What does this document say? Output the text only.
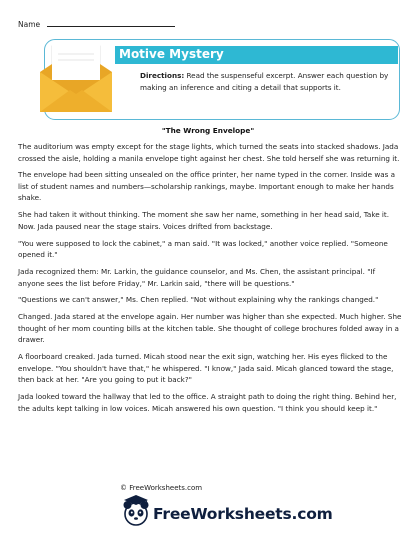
Name
Motive Mystery
Directions: Read the suspenseful excerpt. Answer each question by making an inference and citing a detail that supports it.
"The Wrong Envelope"

The auditorium was empty except for the stage lights, which turned the seats into stacked shadows. Jada crossed the aisle, holding a manila envelope tight against her chest. She told herself she was returning it.

The envelope had been sitting unsealed on the office printer, her name typed in the corner. Inside was a list of student names and numbers—scholarship rankings, maybe. Important enough to make her hands shake.

She had taken it without thinking. The moment she saw her name, something in her head said, Take it. Now. Jada paused near the stage stairs. Voices drifted from backstage.

"You were supposed to lock the cabinet," a man said. "It was locked," another voice replied. "Someone opened it."

Jada recognized them: Mr. Larkin, the guidance counselor, and Ms. Chen, the assistant principal. "If anyone sees the list before Friday," Mr. Larkin said, "there will be questions."

"Questions we can't answer," Ms. Chen replied. "Not without explaining why the rankings changed."

Changed. Jada stared at the envelope again. Her number was higher than she expected. Much higher. She thought of her mom counting bills at the kitchen table. She thought of college brochures folded away in a drawer.

A floorboard creaked. Jada turned. Micah stood near the exit sign, watching her. His eyes flicked to the envelope. "You shouldn't have that," he whispered. "I know," Jada said. Micah glanced toward the stage, then back at her. "Are you going to put it back?"

Jada looked toward the hallway that led to the office. A straight path to doing the right thing. Behind her, the adults kept talking in low voices. Micah answered his own question. "I think you should keep it."

© FreeWorksheets.com
FreeWorksheets.com
